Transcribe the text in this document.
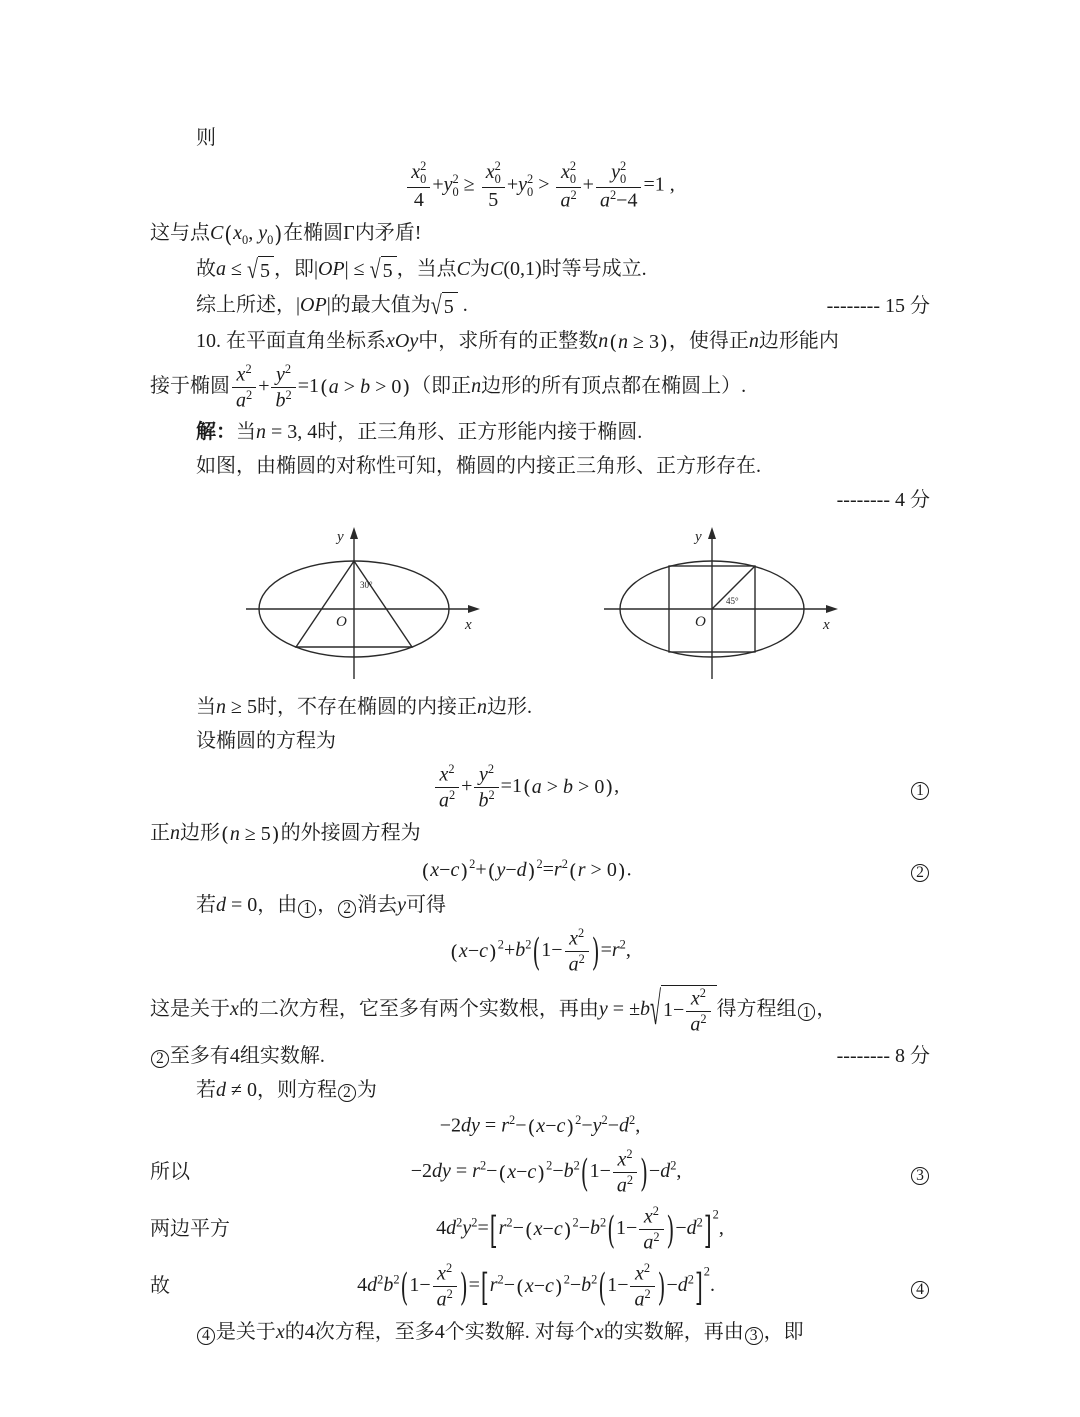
则
x 2
0
4 +y 2
0 ≥ x 2
0
5 +y 2
0 > x 2
0
$a^2 + y$ 2
0
$a^2-4 =1$ ,
这与点C ( $x_0$, $y_0$ ) 在椭圆Γ内矛盾!
故a ≤ √ 5 ，即|OP| ≤ √ 5 ，当点C为C(0,1)时等号成立.
综上所述，|OP|的最大值为 √ 5 .	-------- 15 分
10. 在平面直角坐标系xOy中，求所有的正整数n ( n ≥ 3 ) ，使得正n边形能内
接于椭圆 $\frac{x^2}{a^2} + \frac{y^2}{b^2} =1$ ( a > b > 0 ) （即正n边形的所有顶点都在椭圆上）.
解：当n = 3, 4时，正三角形、正方形能内接于椭圆.
如图，由椭圆的对称性可知，椭圆的内接正三角形、正方形存在.
-------- 4 分
30°
O
y
x
45°
O
y
x
当n ≥ 5时，不存在椭圆的内接正n边形.
设椭圆的方程为
$\frac{x^2}{a^2} + \frac{y^2}{b^2} =1$ ( a > b > 0 ) ,	1
正n边形 ( n ≥ 5 ) 的外接圆方程为
( x−c ) $^2$+ ( y−d ) $^2=r^2$ ( r > 0 ) .	2
若d = 0，由 1 ， 2 消去y可得
( x−c ) $^2+b^2$ ( $1- \frac{x^2}{a^2}$ ) $=r^2$,
这是关于x的二次方程，它至多有两个实数根，再由y = ±b √ $1- \frac{x^2}{a^2}$ 得方程组 1 ，
2 至多有4组实数解.	-------- 8 分
若d ≠ 0，则方程 2 为
$-2dy = r^2-$ ( x−c ) $^2-y^2-d^2$,
所以	$-2dy = r^2-$ ( x−c ) $^2-b^2$ ( $1- \frac{x^2}{a^2}$ ) $-d^2$,	3
两边平方	$4d^2y^2=$ [ $r^2-$ ( x−c ) $^2-b^2$ ( $1- \frac{x^2}{a^2}$ ) $-d^2$ ] $^2$,
故	$4d^2b^2$ ( $1- \frac{x^2}{a^2}$ ) = [ $r^2-$ ( x−c ) $^2-b^2$ ( $1- \frac{x^2}{a^2}$ ) $-d^2$ ] $^2$.	4
4 是关于x的4次方程，至多4个实数解. 对每个x的实数解，再由 3 ，即
